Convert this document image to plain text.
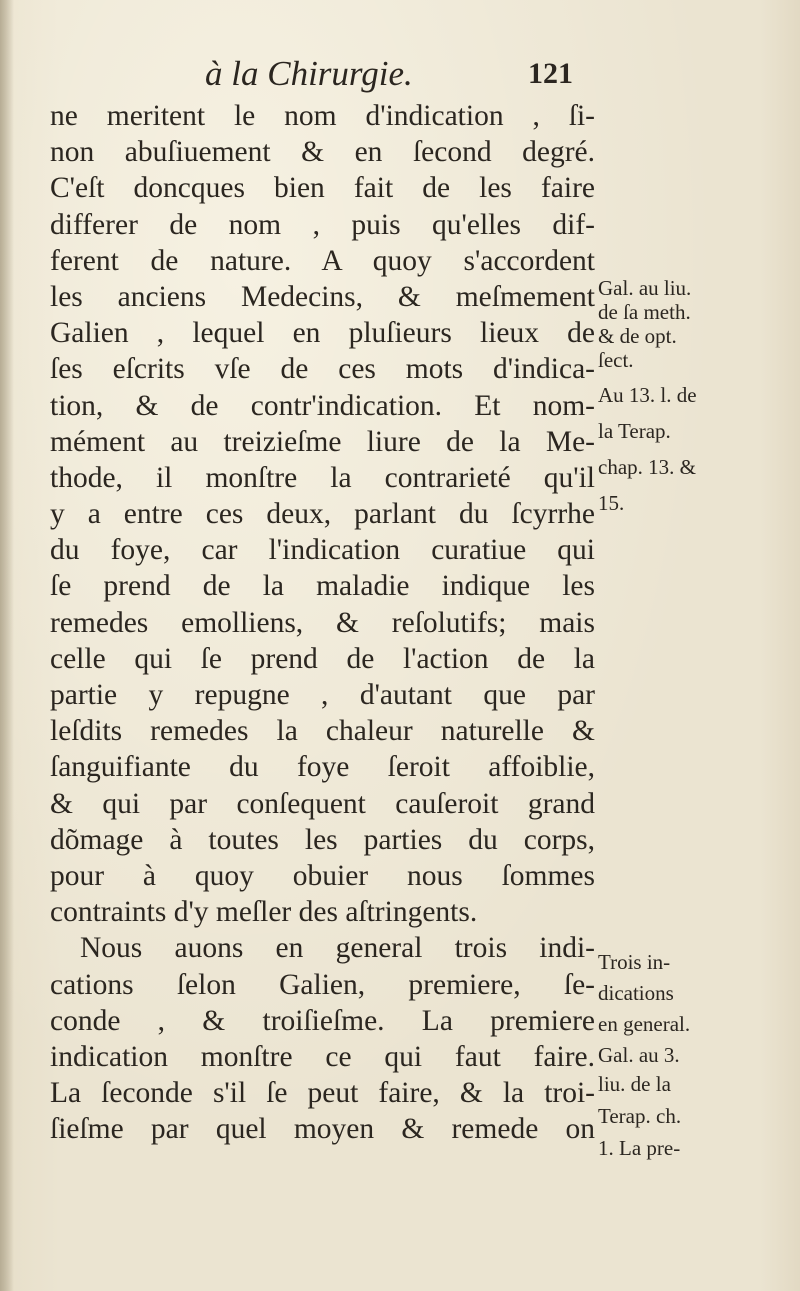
à la Chirurgie.	121
ne meritent le nom d'indication , ſi-
non abuſiuement & en ſecond degré.
C'eſt doncques bien fait de les faire
differer de nom , puis qu'elles dif-
ferent de nature. A quoy s'accordent
les anciens Medecins, & meſmement
Galien , lequel en pluſieurs lieux de
ſes eſcrits vſe de ces mots d'indica-
tion, & de contr'indication. Et nom-
mément au treizieſme liure de la Me-
thode, il monſtre la contrarieté qu'il
y a entre ces deux, parlant du ſcyrrhe
du foye, car l'indication curatiue qui
ſe prend de la maladie indique les
remedes emolliens, & reſolutifs; mais
celle qui ſe prend de l'action de la
partie y repugne , d'autant que par
leſdits remedes la chaleur naturelle &
ſanguifiante du foye ſeroit affoiblie,
& qui par conſequent cauſeroit grand
dõmage à toutes les parties du corps,
pour à quoy obuier nous ſommes
contraints d'y meſler des aſtringents.
Nous auons en general trois indi-
cations ſelon Galien, premiere, ſe-
conde , & troiſieſme. La premiere
indication monſtre ce qui faut faire.
La ſeconde s'il ſe peut faire, & la troi-
ſieſme par quel moyen & remede on
Gal. au liu.
de ſa meth.
& de opt.
ſect.
Au 13. l. de
la Terap.
chap. 13. &
15.
Trois in-
dications
en general.
Gal. au 3.
liu. de la
Terap. ch.
1. La pre-
